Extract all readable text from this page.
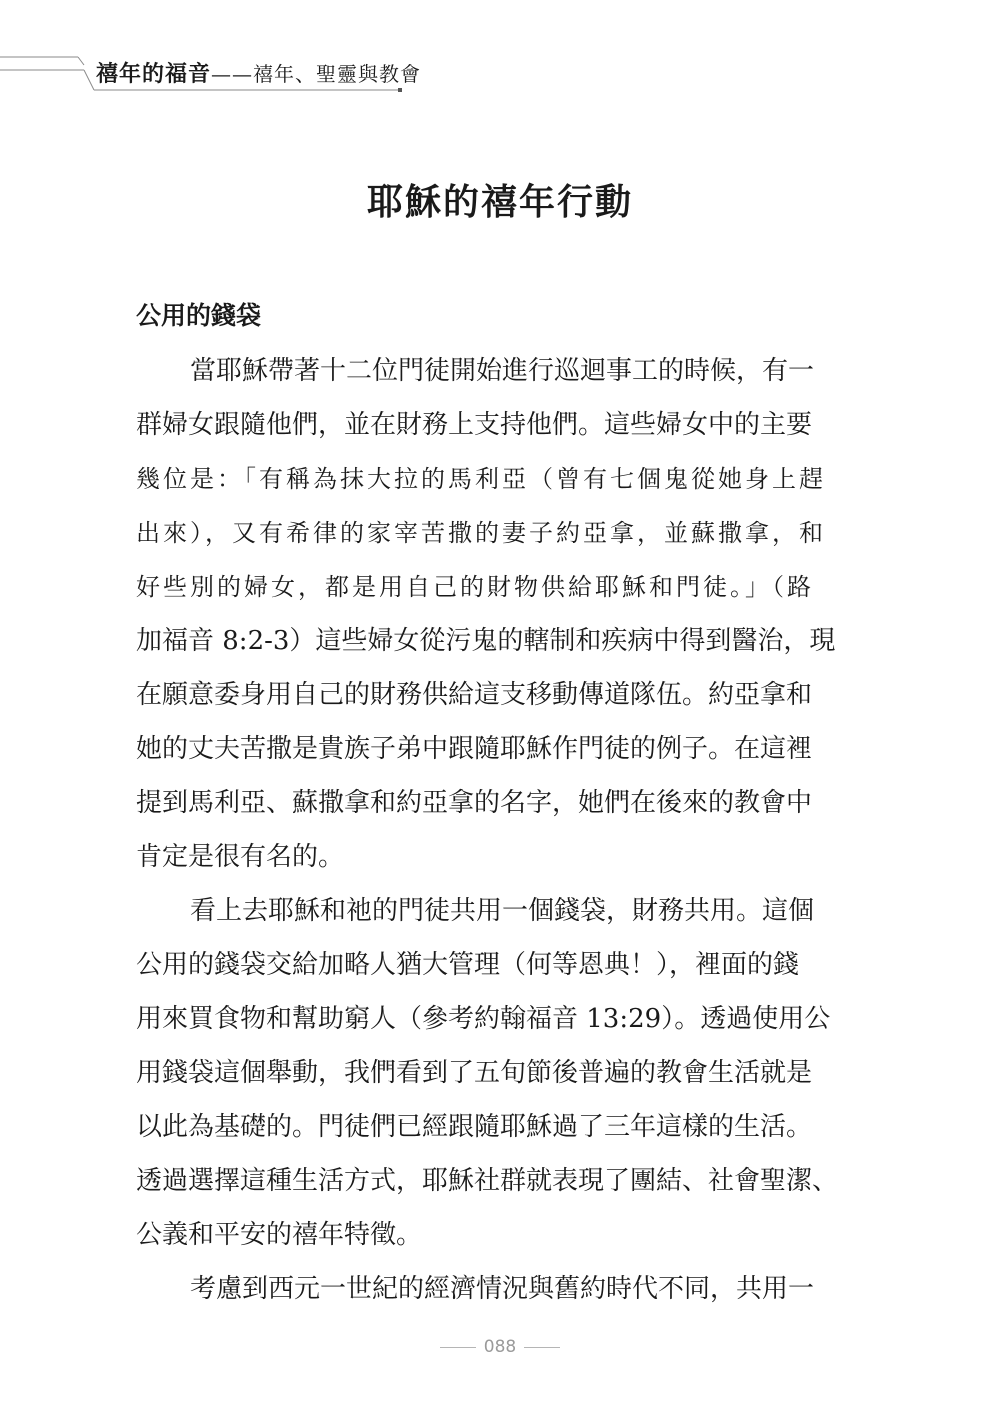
禧年的福音——禧年、聖靈與教會
耶穌的禧年行動
公用的錢袋
當耶穌帶著十二位門徒開始進行巡迴事工的時候，有一
群婦女跟隨他們，並在財務上支持他們。這些婦女中的主要
幾位是：「有稱為抹大拉的馬利亞（曾有七個鬼從她身上趕
出來），又有希律的家宰苦撒的妻子約亞拿，並蘇撒拿，和
好些別的婦女，都是用自己的財物供給耶穌和門徒。」（路
加福音 8:2-3）這些婦女從污鬼的轄制和疾病中得到醫治，現
在願意委身用自己的財務供給這支移動傳道隊伍。約亞拿和
她的丈夫苦撒是貴族子弟中跟隨耶穌作門徒的例子。在這裡
提到馬利亞、蘇撒拿和約亞拿的名字，她們在後來的教會中
肯定是很有名的。
看上去耶穌和祂的門徒共用一個錢袋，財務共用。這個
公用的錢袋交給加略人猶大管理（何等恩典！），裡面的錢
用來買食物和幫助窮人（參考約翰福音 13:29）。透過使用公
用錢袋這個舉動，我們看到了五旬節後普遍的教會生活就是
以此為基礎的。門徒們已經跟隨耶穌過了三年這樣的生活。
透過選擇這種生活方式，耶穌社群就表現了團結、社會聖潔、
公義和平安的禧年特徵。
考慮到西元一世紀的經濟情況與舊約時代不同，共用一
088
